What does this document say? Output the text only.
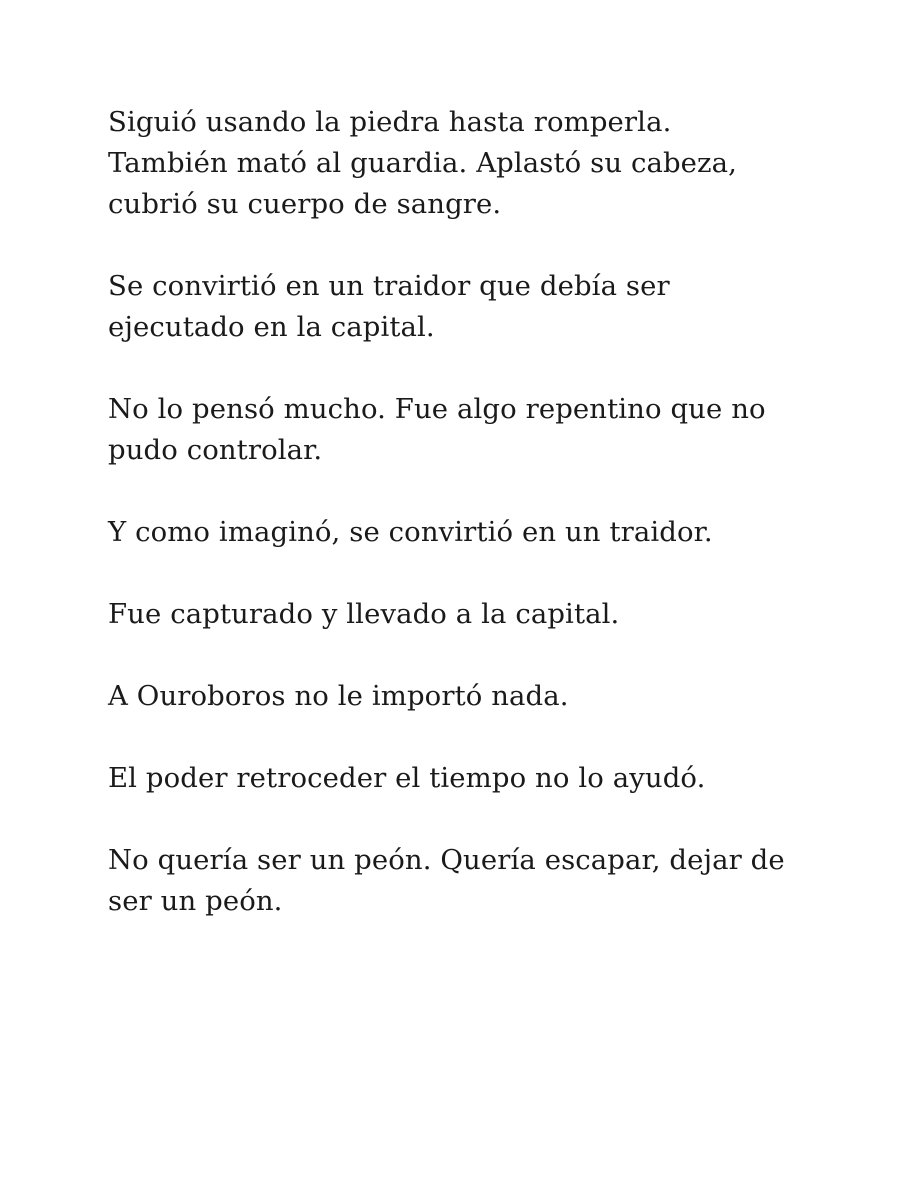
Siguió usando la piedra hasta romperla. También mató al guardia. Aplastó su cabeza, cubrió su cuerpo de sangre.

Se convirtió en un traidor que debía ser ejecutado en la capital.

No lo pensó mucho. Fue algo repentino que no pudo controlar.

Y como imaginó, se convirtió en un traidor.

Fue capturado y llevado a la capital.

A Ouroboros no le importó nada.

El poder retroceder el tiempo no lo ayudó.

No quería ser un peón. Quería escapar, dejar de ser un peón.
